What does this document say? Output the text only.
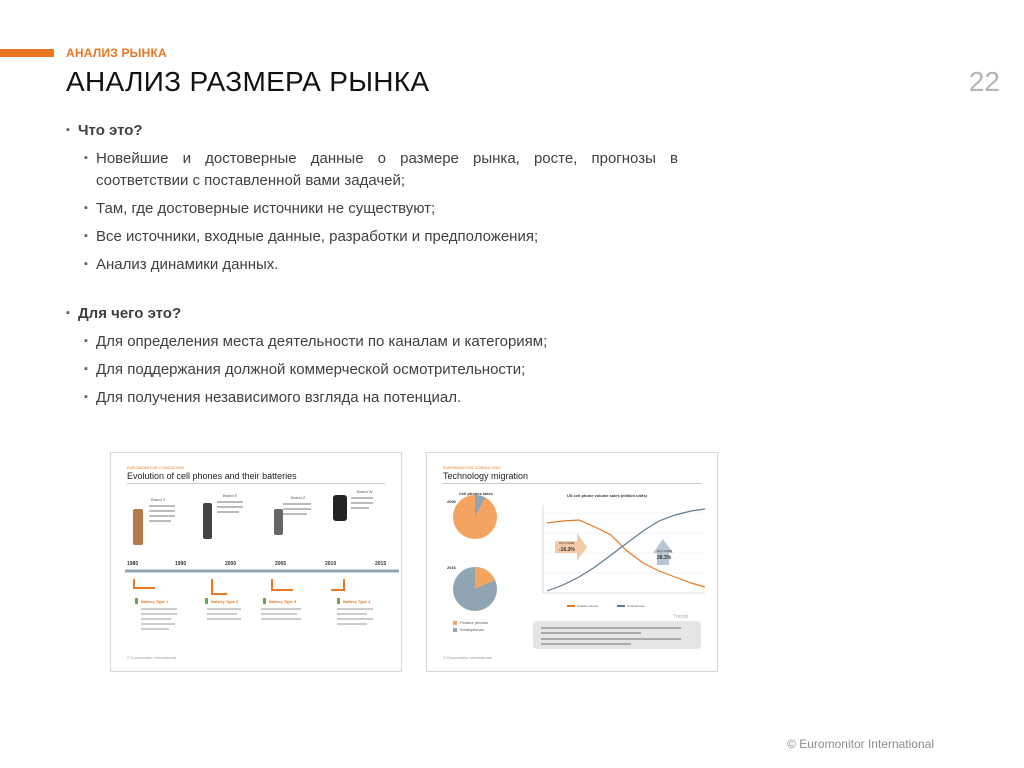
АНАЛИЗ РЫНКА
АНАЛИЗ РАЗМЕРА РЫНКА	22

▪ Что это?

▪ Новейшие и достоверные данные о размере рынка, росте, прогнозы в соответствии с поставленной вами задачей;

▪ Там, где достоверные источники не существуют;

▪ Все источники, входные данные, разработки и предположения;

▪ Анализ динамики данных.

▪ Для чего это?

▪ Для определения места деятельности по каналам и категориям;

▪ Для поддержания должной коммерческой осмотрительности;

▪ Для получения независимого взгляда на потенциал.

EUROMONITOR CONSULTING
Evolution of cell phones and their batteries
Brand Y
Brand X	Brand Z
Brand W
1980	1990	2000	2005	2010	2015
Battery Type 1	Battery Type 2	Battery Type 3	Battery Type 4
© Euromonitor International
EUROMONITOR CONSULTING
Technology migration
Cell phones sales
2006
2016
US cell phone volume sales (million units)
10yr CAGR
-16.3%	10yr CAGR
28.3%
Feature phones
Smartphones
Feature phones	Smartphones
Trends
© Euromonitor International
© Euromonitor International
